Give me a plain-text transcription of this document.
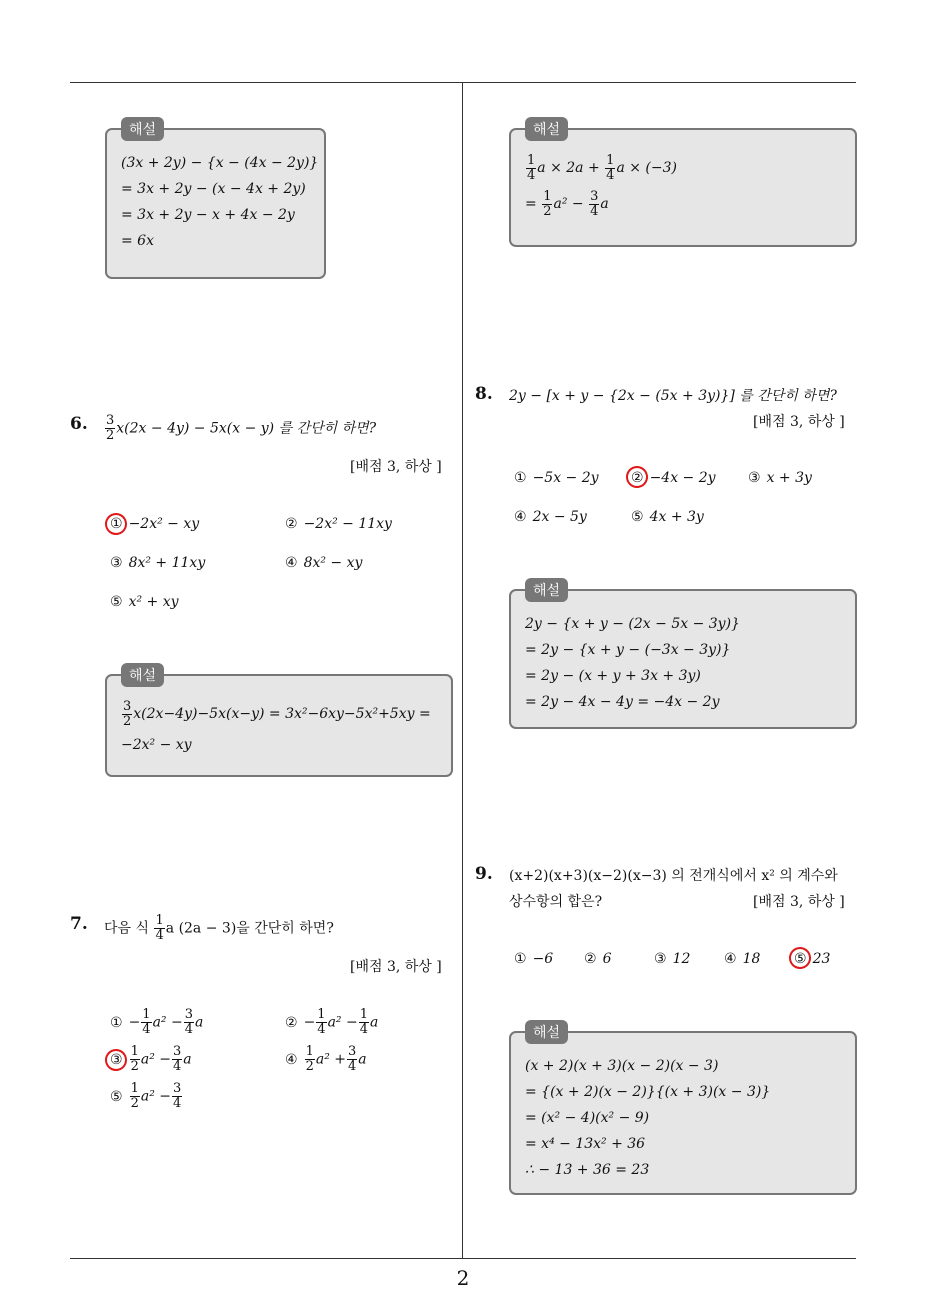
2
해설
(3x + 2y) − {x − (4x − 2y)}
= 3x + 2y − (x − 4x + 2y)
= 3x + 2y − x + 4x − 2y
= 6x
6. $\frac{3}{2} x(2x - 4y) - 5x(x - y)$ 를 간단히 하면?
[배점 3, 하상 ]
① −2x² − xy	② −2x² − 11xy
③ 8x² + 11xy	④ 8x² − xy
⑤ x² + xy
해설
$\frac{3}{2} x(2x-4y)-5x(x-y) = 3x^2-6xy-5x^2+5xy$ =
−2x² − xy
7. 다음 식 $\frac{1}{4}$ a (2a − 3)을 간단히 하면?
[배점 3, 하상 ]
① − $\frac{1}{4} a^2 - \frac{3}{4}$ a	② − $\frac{1}{4} a^2 - \frac{1}{4}$ a
③ $\frac{1}{2} a^2 - \frac{3}{4}$ a	④ $\frac{1}{2} a^2 + \frac{3}{4}$ a
⑤ $\frac{1}{2} a^2 - \frac{3}{4}$
해설
$\frac{1}{4}$ $a \times 2a + \frac{1}{4}$ a × (−3)
= $\frac{1}{2} a^2 - \frac{3}{4}$ a
8. 2y − [x + y − {2x − (5x + 3y)}] 를 간단히 하면?
[배점 3, 하상 ]
① −5x − 2y ② −4x − 2y ③ x + 3y
④ 2x − 5y	⑤ 4x + 3y
해설
2y − {x + y − (2x − 5x − 3y)}
= 2y − {x + y − (−3x − 3y)}
= 2y − (x + y + 3x + 3y)
= 2y − 4x − 4y = −4x − 2y
9. (x+2)(x+3)(x−2)(x−3) 의 전개식에서 x² 의 계수와
상수항의 합은?	[배점 3, 하상 ]
① −6 ② 6	③ 12 ④ 18 ⑤ 23
해설
(x + 2)(x + 3)(x − 2)(x − 3)
= {(x + 2)(x − 2)}{(x + 3)(x − 3)}
= (x² − 4)(x² − 9)
= x⁴ − 13x² + 36
∴ − 13 + 36 = 23
